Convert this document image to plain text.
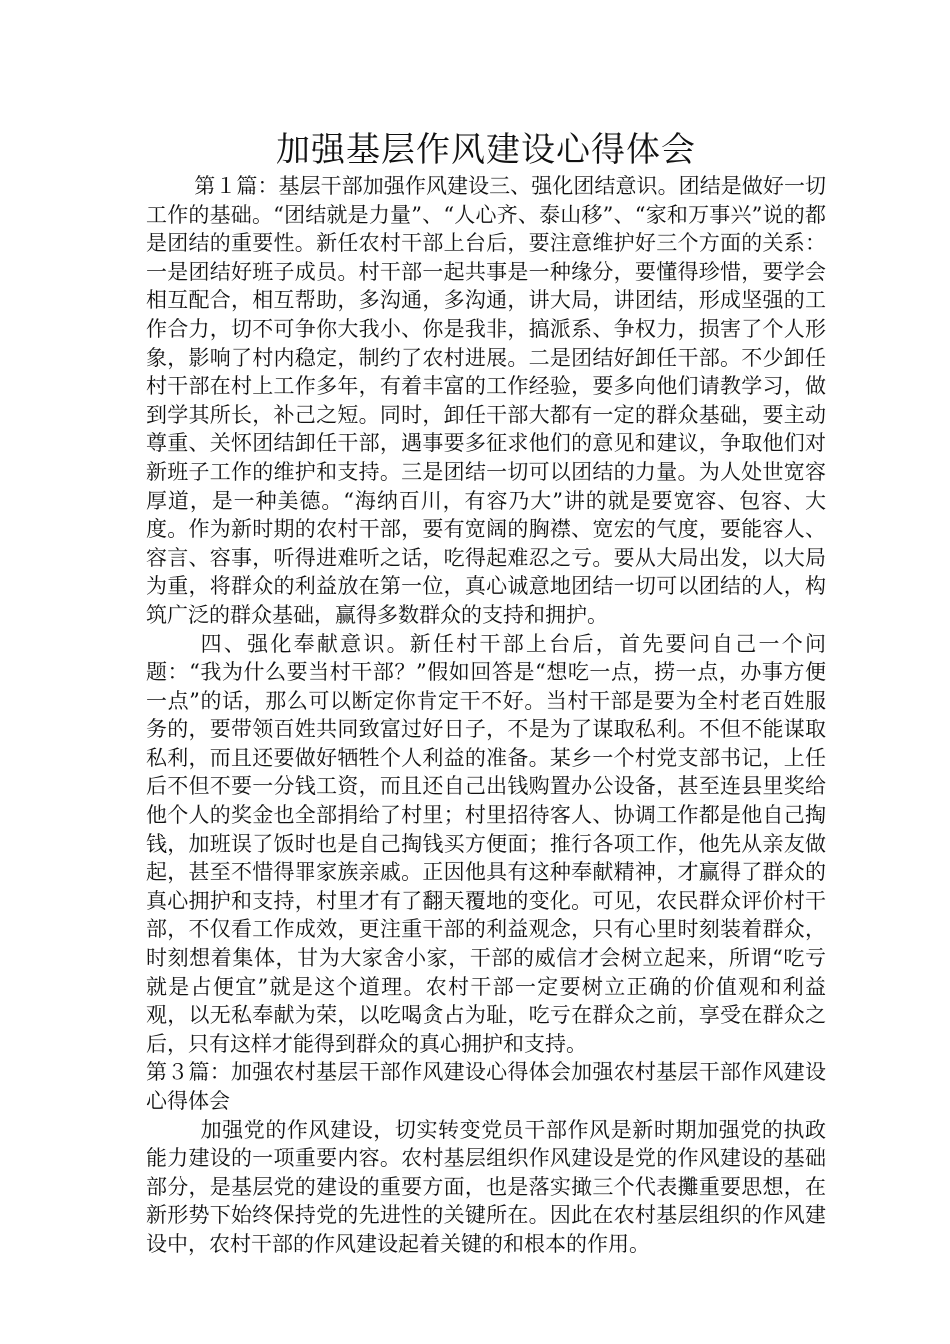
加强基层作风建设心得体会

第１篇：基层干部加强作风建设三、强化团结意识。团结是做好一切工作的基础。“团结就是力量”、“人心齐、泰山移”、“家和万事兴”说的都是团结的重要性。新任农村干部上台后，要注意维护好三个方面的关系：一是团结好班子成员。村干部一起共事是一种缘分，要懂得珍惜，要学会相互配合，相互帮助，多沟通，多沟通，讲大局，讲团结，形成坚强的工作合力，切不可争你大我小、你是我非，搞派系、争权力，损害了个人形象，影响了村内稳定，制约了农村进展。二是团结好卸任干部。不少卸任村干部在村上工作多年，有着丰富的工作经验，要多向他们请教学习，做到学其所长，补己之短。同时，卸任干部大都有一定的群众基础，要主动尊重、关怀团结卸任干部，遇事要多征求他们的意见和建议，争取他们对新班子工作的维护和支持。三是团结一切可以团结的力量。为人处世宽容厚道，是一种美德。“海纳百川，有容乃大”讲的就是要宽容、包容、大度。作为新时期的农村干部，要有宽阔的胸襟、宽宏的气度，要能容人、容言、容事，听得进难听之话，吃得起难忍之亏。要从大局出发，以大局为重，将群众的利益放在第一位，真心诚意地团结一切可以团结的人，构筑广泛的群众基础，赢得多数群众的支持和拥护。

四、强化奉献意识。新任村干部上台后，首先要问自己一个问题：“我为什么要当村干部？”假如回答是“想吃一点，捞一点，办事方便一点”的话，那么可以断定你肯定干不好。当村干部是要为全村老百姓服务的，要带领百姓共同致富过好日子，不是为了谋取私利。不但不能谋取私利，而且还要做好牺牲个人利益的准备。某乡一个村党支部书记，上任后不但不要一分钱工资，而且还自己出钱购置办公设备，甚至连县里奖给他个人的奖金也全部捐给了村里；村里招待客人、协调工作都是他自己掏钱，加班误了饭时也是自己掏钱买方便面；推行各项工作，他先从亲友做起，甚至不惜得罪家族亲戚。正因他具有这种奉献精神，才赢得了群众的真心拥护和支持，村里才有了翻天覆地的变化。可见，农民群众评价村干部，不仅看工作成效，更注重干部的利益观念，只有心里时刻装着群众，时刻想着集体，甘为大家舍小家，干部的威信才会树立起来，所谓“吃亏就是占便宜”就是这个道理。农村干部一定要树立正确的价值观和利益观，以无私奉献为荣，以吃喝贪占为耻，吃亏在群众之前，享受在群众之后，只有这样才能得到群众的真心拥护和支持。

第３篇：加强农村基层干部作风建设心得体会加强农村基层干部作风建设心得体会

加强党的作风建设，切实转变党员干部作风是新时期加强党的执政能力建设的一项重要内容。农村基层组织作风建设是党的作风建设的基础部分，是基层党的建设的重要方面，也是落实撖三个代表攤重要思想，在新形势下始终保持党的先进性的关键所在。因此在农村基层组织的作风建设中，农村干部的作风建设起着关键的和根本的作用。
